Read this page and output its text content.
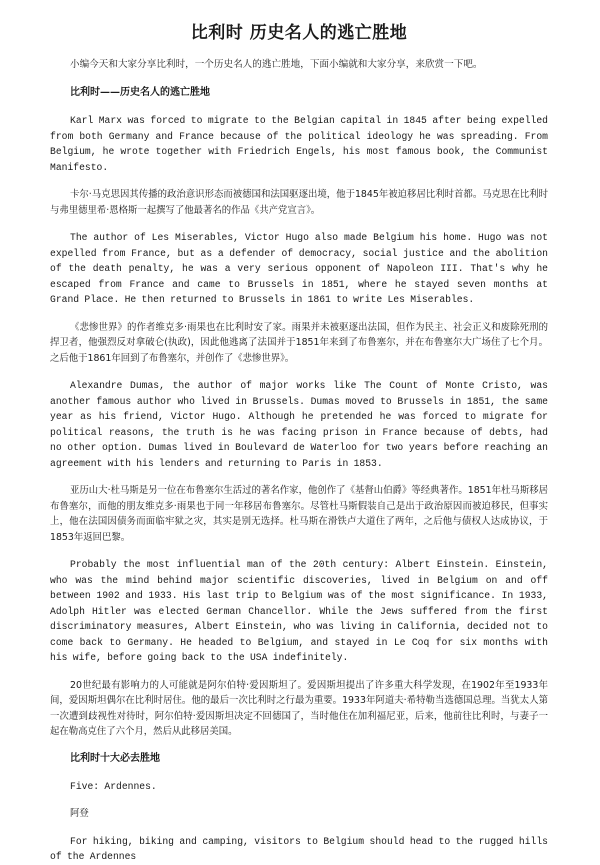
比利时 历史名人的逃亡胜地

小编今天和大家分享比利时，一个历史名人的逃亡胜地，下面小编就和大家分享，来欣赏一下吧。

比利时——历史名人的逃亡胜地

Karl Marx was forced to migrate to the Belgian capital in 1845 after being expelled from both Germany and France because of the political ideology he was spreading. From Belgium, he wrote together with Friedrich Engels, his most famous book, the Communist Manifesto.

卡尔·马克思因其传播的政治意识形态而被德国和法国驱逐出境，他于1845年被迫移居比利时首都。马克思在比利时与弗里德里希·恩格斯一起撰写了他最著名的作品《共产党宣言》。

The author of Les Miserables, Victor Hugo also made Belgium his home. Hugo was not expelled from France, but as a defender of democracy, social justice and the abolition of the death penalty, he was a very serious opponent of Napoleon III. That's why he escaped from France and came to Brussels in 1851, where he stayed seven months at Grand Place. He then returned to Brussels in 1861 to write Les Miserables.

《悲惨世界》的作者维克多·雨果也在比利时安了家。雨果并未被驱逐出法国，但作为民主、社会正义和废除死刑的捍卫者，他强烈反对拿破仑(执政)，因此他逃离了法国并于1851年来到了布鲁塞尔，并在布鲁塞尔大广场住了七个月。之后他于1861年回到了布鲁塞尔，并创作了《悲惨世界》。

Alexandre Dumas, the author of major works like The Count of Monte Cristo, was another famous author who lived in Brussels. Dumas moved to Brussels in 1851, the same year as his friend, Victor Hugo. Although he pretended he was forced to migrate for political reasons, the truth is he was facing prison in France because of debts, had no other option. Dumas lived in Boulevard de Waterloo for two years before reaching an agreement with his lenders and returning to Paris in 1853.

亚历山大·杜马斯是另一位在布鲁塞尔生活过的著名作家，他创作了《基督山伯爵》等经典著作。1851年杜马斯移居布鲁塞尔，而他的朋友维克多·雨果也于同一年移居布鲁塞尔。尽管杜马斯假装自己是出于政治原因而被迫移民，但事实上，他在法国因债务而面临牢狱之灾，其实是别无选择。杜马斯在滑铁卢大道住了两年，之后他与债权人达成协议，于1853年返回巴黎。

Probably the most influential man of the 20th century: Albert Einstein. Einstein, who was the mind behind major scientific discoveries, lived in Belgium on and off between 1902 and 1933. His last trip to Belgium was of the most significance. In 1933, Adolph Hitler was elected German Chancellor. While the Jews suffered from the first discriminatory measures, Albert Einstein, who was living in California, decided not to come back to Germany. He headed to Belgium, and stayed in Le Coq for six months with his wife, before going back to the USA indefinitely.

20世纪最有影响力的人可能就是阿尔伯特·爱因斯坦了。爱因斯坦提出了许多重大科学发现，在1902年至1933年间，爱因斯坦偶尔在比利时居住。他的最后一次比利时之行最为重要。1933年阿道夫·希特勒当选德国总理。当犹太人第一次遭到歧视性对待时，阿尔伯特·爱因斯坦决定不回德国了，当时他住在加利福尼亚，后来，他前往比利时，与妻子一起在勒高克住了六个月，然后从此移居美国。

比利时十大必去胜地

Five: Ardennes.

阿登

For hiking, biking and camping, visitors to Belgium should head to the rugged hills of the Ardennes
